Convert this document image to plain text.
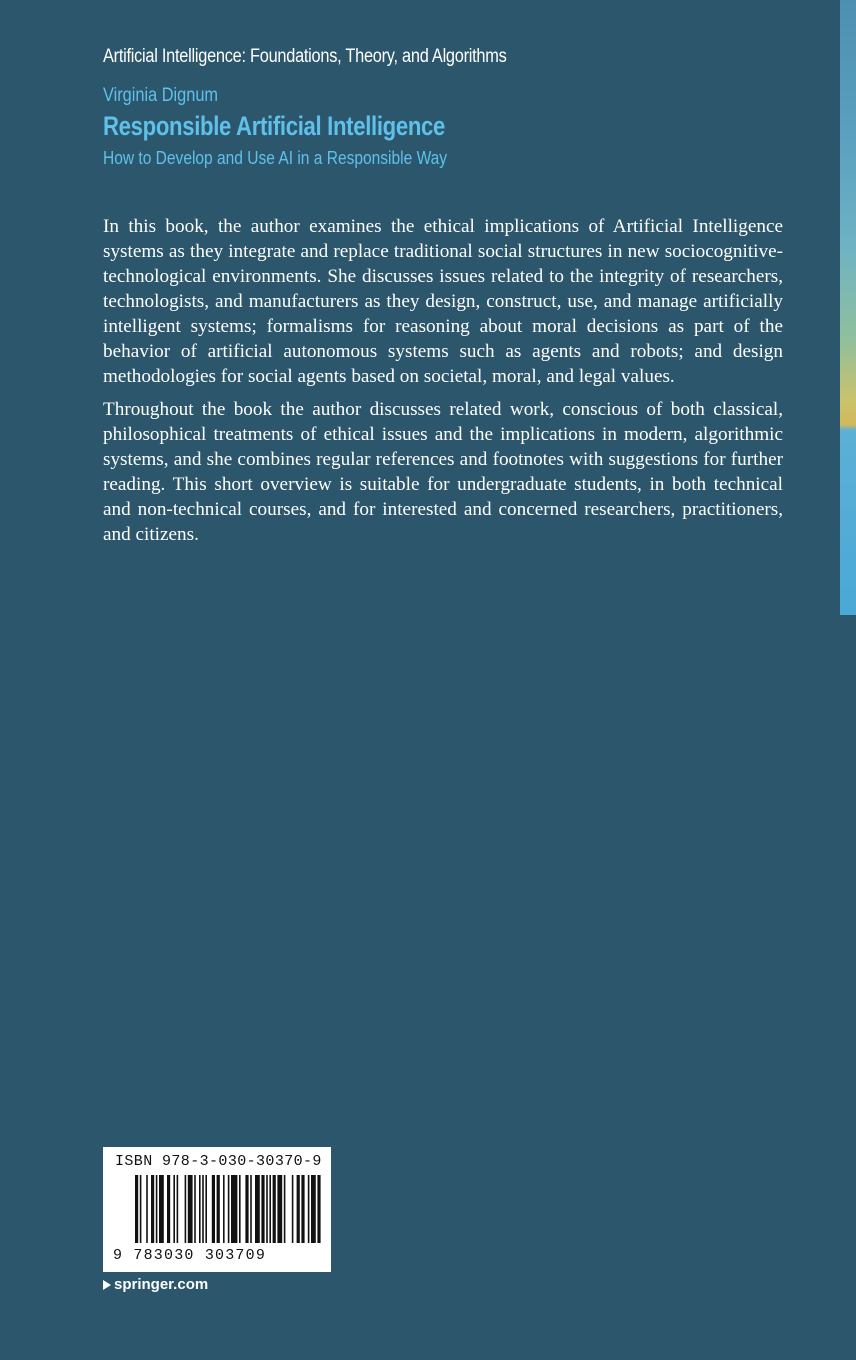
Artificial Intelligence: Foundations, Theory, and Algorithms
Virginia Dignum
Responsible Artificial Intelligence
How to Develop and Use AI in a Responsible Way

In this book, the author examines the ethical implications of Artificial Intelligence systems as they integrate and replace traditional social structures in new sociocognitive-technological environments. She discusses issues related to the integrity of researchers, technologists, and manufacturers as they design, construct, use, and manage artificially intelligent systems; formalisms for reasoning about moral decisions as part of the behavior of artificial autonomous systems such as agents and robots; and design methodologies for social agents based on societal, moral, and legal values.

Throughout the book the author discusses related work, conscious of both classical, philosophical treatments of ethical issues and the implications in modern, algorithmic systems, and she combines regular references and footnotes with suggestions for further reading. This short overview is suitable for undergraduate students, in both technical and non-technical courses, and for interested and concerned researchers, practitioners, and citizens.

ISBN 978-3-030-30370-9
9 783030 303709
springer.com
